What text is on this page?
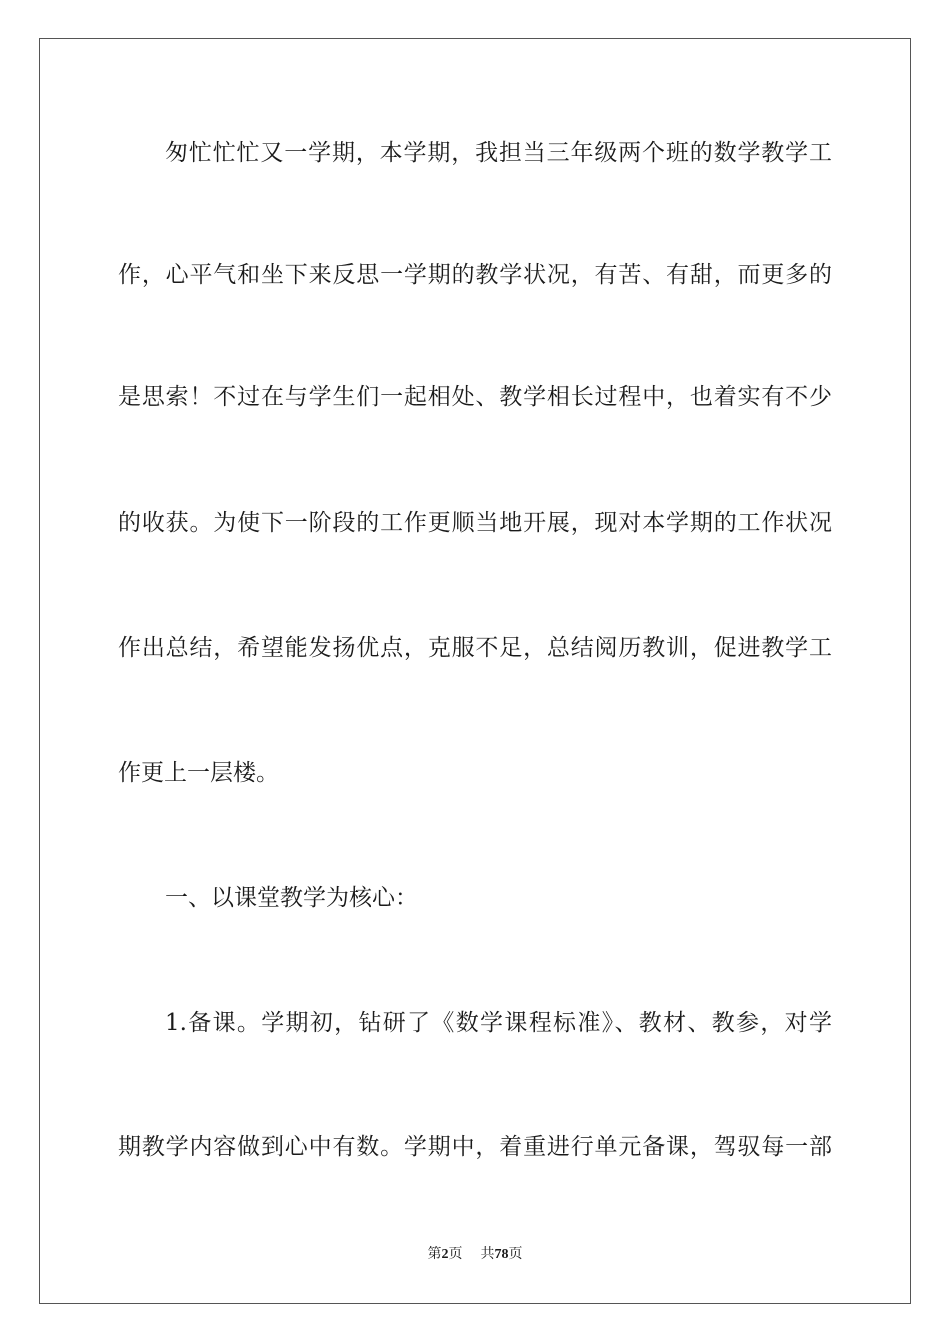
匆忙忙忙又一学期，本学期，我担当三年级两个班的数学教学工
作，心平气和坐下来反思一学期的教学状况，有苦、有甜，而更多的
是思索！不过在与学生们一起相处、教学相长过程中，也着实有不少
的收获。为使下一阶段的工作更顺当地开展，现对本学期的工作状况
作出总结，希望能发扬优点，克服不足，总结阅历教训，促进教学工
作更上一层楼。
一、以课堂教学为核心：
1.备课。学期初，钻研了《数学课程标准》、教材、教参，对学
期教学内容做到心中有数。学期中，着重进行单元备课，驾驭每一部
第2页 共78页
